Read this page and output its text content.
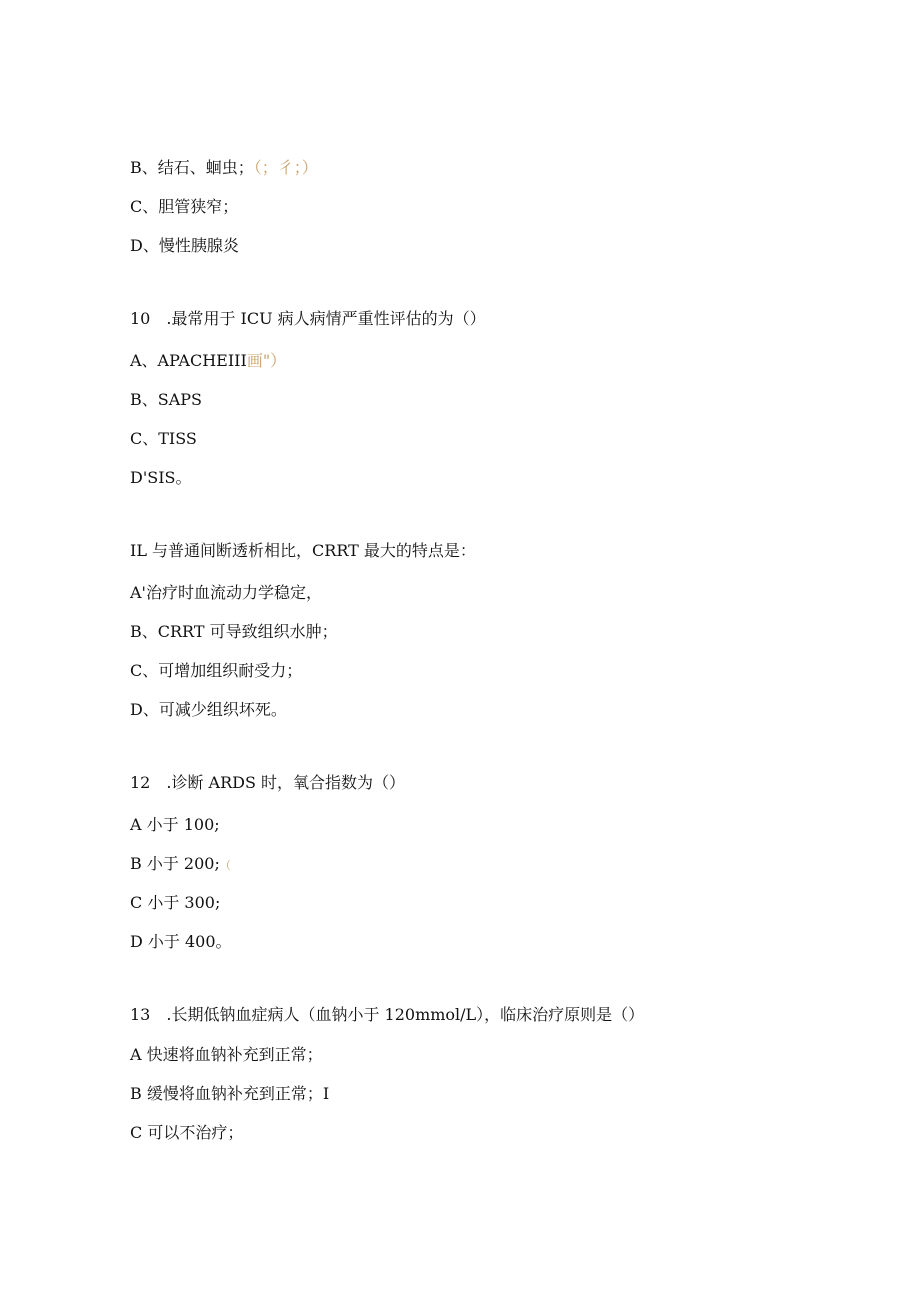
B、结石、蛔虫；（；彳；）
C、胆管狭窄；
D、慢性胰腺炎
10　.最常用于 ICU 病人病情严重性评估的为（）
A、APACHEIII画"）
B、SAPS
C、TISS
D'SIS。
IL 与普通间断透析相比，CRRT 最大的特点是：
A'治疗时血流动力学稳定，
B、CRRT 可导致组织水肿；
C、可增加组织耐受力；
D、可减少组织坏死。
12　.诊断 ARDS 时，氧合指数为（）
A 小于 100;
B 小于 200;（
C 小于 300;
D 小于 400。
13　.长期低钠血症病人（血钠小于 120mmol/L），临床治疗原则是（）
A 快速将血钠补充到正常；
B 缓慢将血钠补充到正常；I
C 可以不治疗；
